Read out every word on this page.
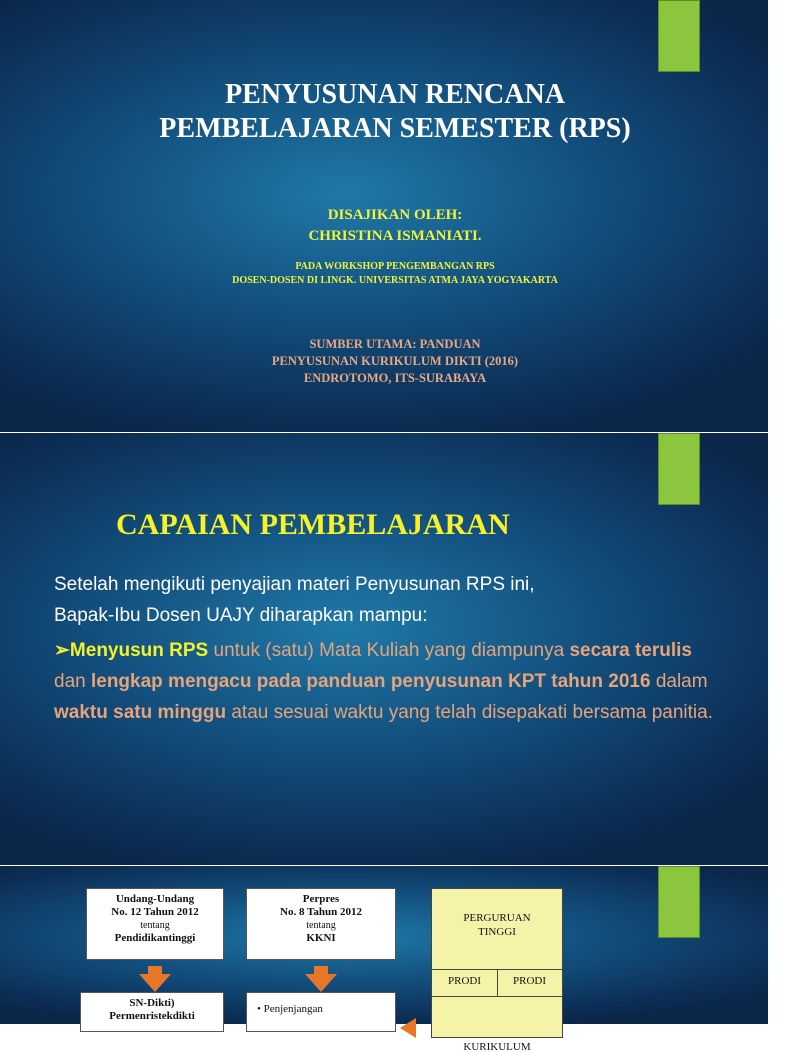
PENYUSUNAN RENCANA
PEMBELAJARAN SEMESTER (RPS)
DISAJIKAN OLEH:
CHRISTINA ISMANIATI.
PADA WORKSHOP PENGEMBANGAN RPS
DOSEN-DOSEN DI LINGK. UNIVERSITAS ATMA JAYA YOGYAKARTA
SUMBER UTAMA: PANDUAN
PENYUSUNAN KURIKULUM DIKTI (2016)
ENDROTOMO, ITS-SURABAYA
CAPAIAN PEMBELAJARAN
Setelah mengikuti penyajian materi Penyusunan RPS ini,
Bapak-Ibu Dosen UAJY diharapkan mampu:
➢Menyusun RPS untuk (satu) Mata Kuliah yang diampunya secara terulis dan lengkap mengacu pada panduan penyusunan KPT tahun 2016 dalam waktu satu minggu atau sesuai waktu yang telah disepakati bersama panitia.
Undang-Undang
No. 12 Tahun 2012
tentang
Pendidikantinggi
Perpres
No. 8 Tahun 2012
tentang
KKNI
PERGURUAN
TINGGI
PRODI	PRODI
KURIKULUM
SN-Dikti)
Permenristekdikti
• Penjenjangan
